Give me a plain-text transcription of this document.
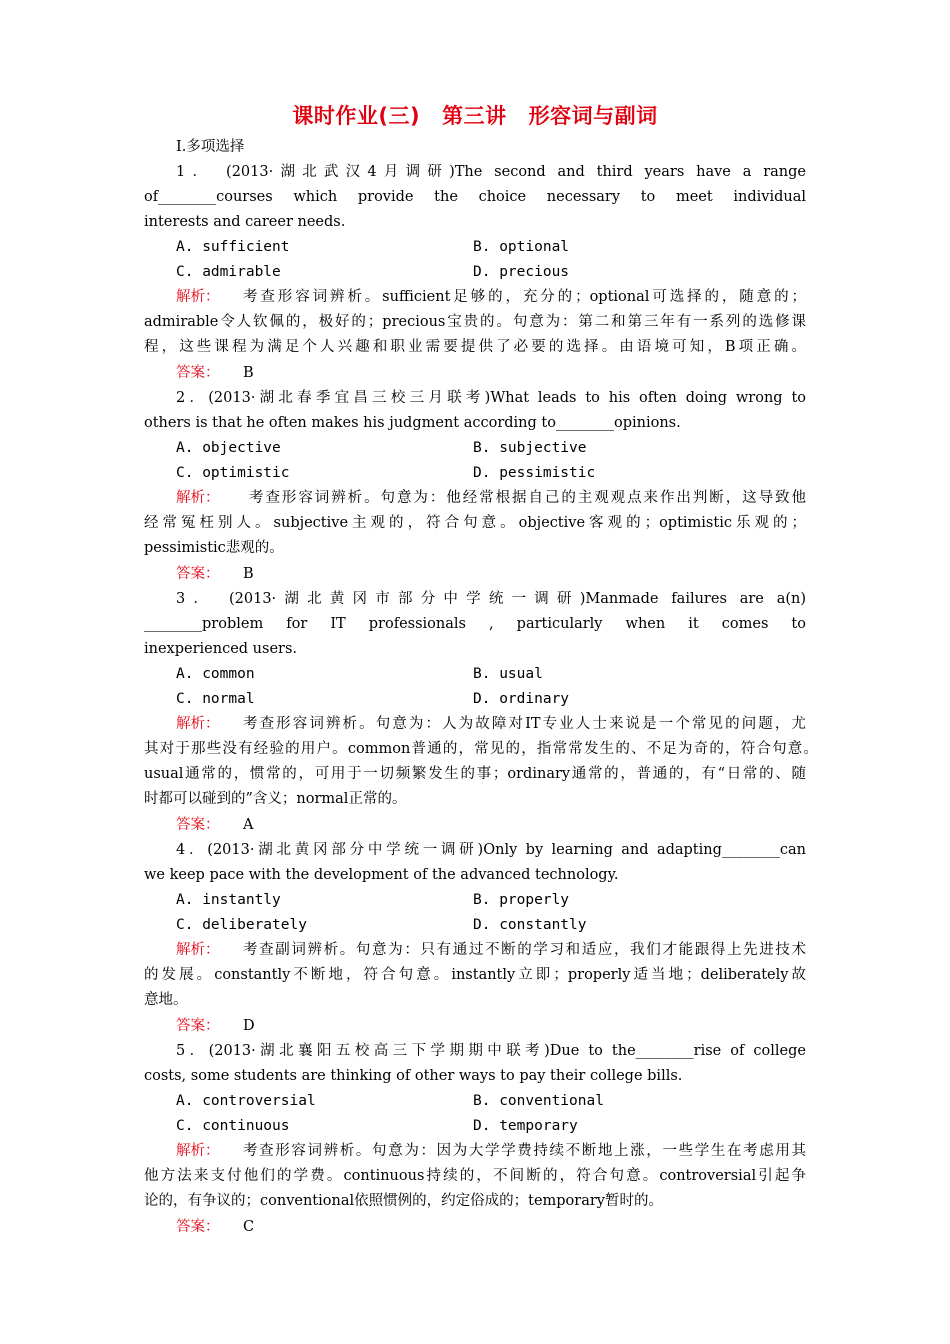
课时作业(三) 第三讲 形容词与副词
Ⅰ.多项选择
1． (2013·湖北武汉4月调研)The second and third years have a range
of________courses which provide the choice necessary to meet individual
interests and career needs.
A. sufficient	B. optional
C. admirable	D. precious
解析： 考查形容词辨析。sufficient足够的，充分的；optional可选择的，随意的；
admirable令人钦佩的，极好的；precious宝贵的。句意为：第二和第三年有一系列的选修课
程，这些课程为满足个人兴趣和职业需要提供了必要的选择。由语境可知，B项正确。
答案： B
2．(2013·湖北春季宜昌三校三月联考)What leads to his often doing wrong to
others is that he often makes his judgment according to________opinions.
A. objective	B. subjective
C. optimistic	D. pessimistic
解析： 考查形容词辨析。句意为：他经常根据自己的主观观点来作出判断，这导致他
经常冤枉别人。subjective主观的，符合句意。objective客观的；optimistic乐观的；
pessimistic悲观的。
答案： B
3． (2013·湖北黄冈市部分中学统一调研)Manmade failures are a(n)
________problem for IT professionals , particularly when it comes to
inexperienced users.
A. common	B. usual
C. normal	D. ordinary
解析： 考查形容词辨析。句意为：人为故障对IT专业人士来说是一个常见的问题，尤
其对于那些没有经验的用户。common普通的，常见的，指常常发生的、不足为奇的，符合句意。
usual通常的，惯常的，可用于一切频繁发生的事；ordinary通常的，普通的，有“日常的、随
时都可以碰到的”含义；normal正常的。
答案： A
4．(2013·湖北黄冈部分中学统一调研)Only by learning and adapting________can
we keep pace with the development of the advanced technology.
A. instantly	B. properly
C. deliberately	D. constantly
解析： 考查副词辨析。句意为：只有通过不断的学习和适应，我们才能跟得上先进技术
的发展。constantly不断地，符合句意。instantly立即；properly适当地；deliberately故
意地。
答案： D
5．(2013·湖北襄阳五校高三下学期期中联考)Due to the________rise of college
costs, some students are thinking of other ways to pay their college bills.
A. controversial	B. conventional
C. continuous	D. temporary
解析： 考查形容词辨析。句意为：因为大学学费持续不断地上涨，一些学生在考虑用其
他方法来支付他们的学费。continuous持续的，不间断的，符合句意。controversial引起争
论的，有争议的；conventional依照惯例的，约定俗成的；temporary暂时的。
答案： C
